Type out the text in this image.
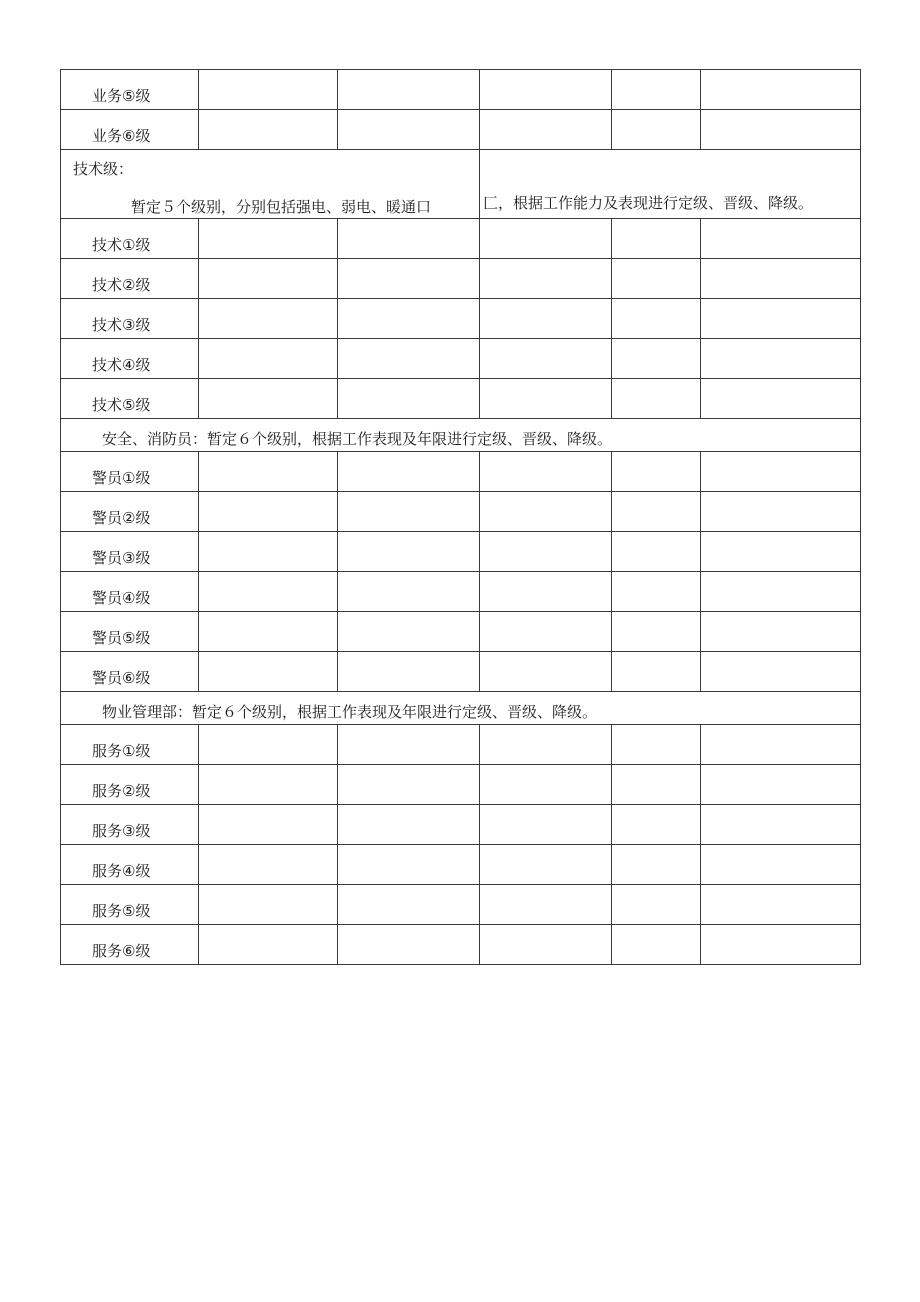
业务⑤级					
业务⑥级					

技术级：
暂定５个级别，分别包括强电、弱电、暖通口			匚，根据工作能力及表现进行定级、晋级、降级。		

技术①级					
技术②级					
技术③级					
技术④级					
技术⑤级					
安全、消防员：暂定６个级别，根据工作表现及年限进行定级、晋级、降级。					
警员①级					
警员②级					
警员③级					
警员④级					
警员⑤级					
警员⑥级					
物业管理部：暂定６个级别，根据工作表现及年限进行定级、晋级、降级。					
服务①级					
服务②级					
服务③级					
服务④级					
服务⑤级					
服务⑥级					
